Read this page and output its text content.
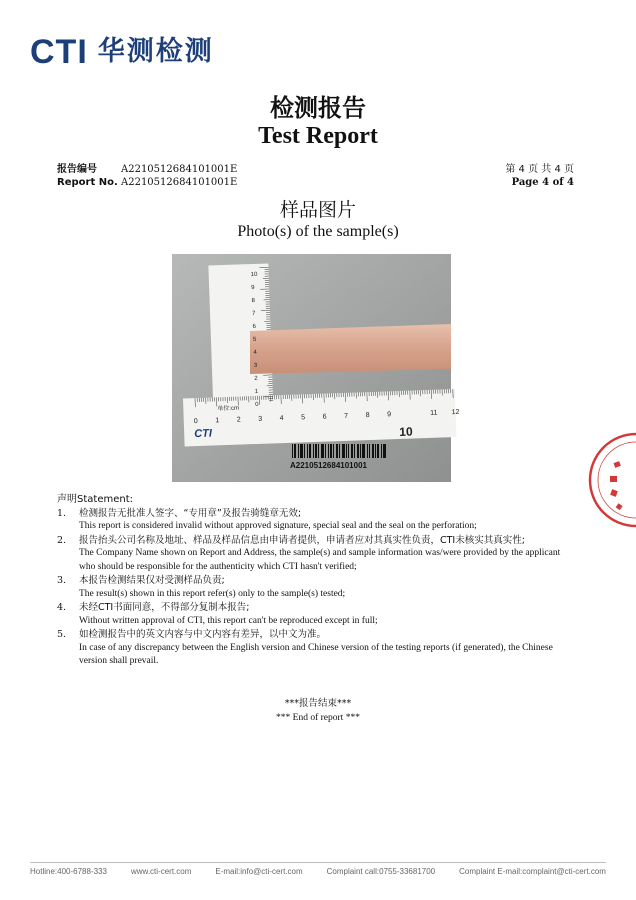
CTI 华测检测
检测报告
Test Report
报告编号 A2210512684101001E
Report No. A2210512684101001E
第 4 页 共 4 页
Page 4 of 4
样品图片
Photo(s) of the sample(s)
单位:cm
CTI	10
0 1 2 3 4 5 6 7 8 9	11 12
10
9
8
7
6
5
4
3
2
1
0
A2210512684101001
声明Statement:
1. 检测报告无批准人签字、“专用章”及报告骑缝章无效;
This report is considered invalid without approved signature, special seal and the seal on the perforation;
2. 报告抬头公司名称及地址、样品及样品信息由申请者提供，申请者应对其真实性负责，CTI未核实其真实性;
The Company Name shown on Report and Address, the sample(s) and sample information was/were provided by the applicant who should be responsible for the authenticity which CTI hasn't verified;
3. 本报告检测结果仅对受测样品负责;
The result(s) shown in this report refer(s) only to the sample(s) tested;
4. 未经CTI书面同意，不得部分复制本报告;
Without written approval of CTI, this report can't be reproduced except in full;
5. 如检测报告中的英文内容与中文内容有差异，以中文为准。
In case of any discrepancy between the English version and Chinese version of the testing reports (if generated), the Chinese version shall prevail.
***报告结束***
*** End of report ***
Hotline:400-6788-333	www.cti-cert.com	E-mail:info@cti-cert.com	Complaint call:0755-33681700	Complaint E-mail:complaint@cti-cert.com
